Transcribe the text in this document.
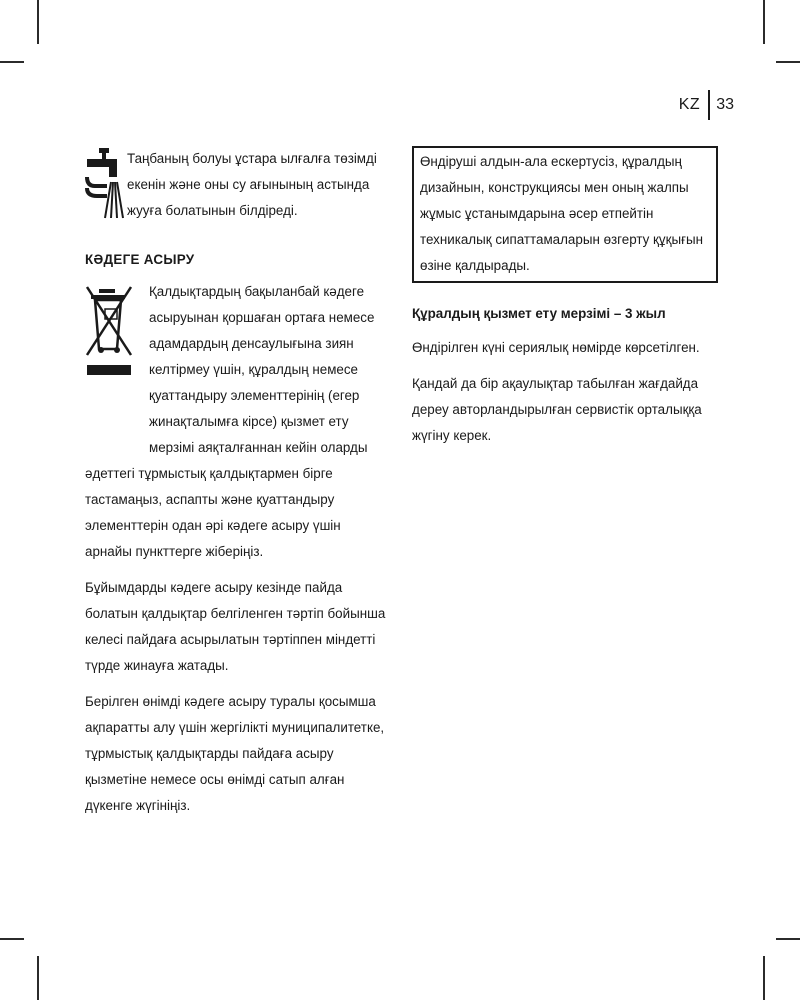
KZ	33

Таңбаның болуы ұстара ылғалға төзімді екенін және оны су ағынының астында жууға болатынын білдіреді.

КӘДЕГЕ АСЫРУ

Қалдықтардың бақыланбай кәдеге асыруынан қоршаған ортаға немесе адамдардың денсаулығына зиян келтірмеу үшін, құралдың немесе қуаттандыру элементтерінің (егер жинақталымға кірсе) қызмет ету мерзімі аяқталғаннан кейін оларды

әдеттегі тұрмыстық қалдықтармен бірге тастамаңыз, аспапты және қуаттандыру элементтерін одан әрі кәдеге асыру үшін арнайы пункттерге жіберіңіз.

Бұйымдарды кәдеге асыру кезінде пайда болатын қалдықтар белгіленген тәртіп бойынша келесі пайдаға асырылатын тәртіппен міндетті түрде жинауға жатады.

Берілген өнімді кәдеге асыру туралы қосымша ақпаратты алу үшін жергілікті муниципалитетке, тұрмыстық қалдықтарды пайдаға асыру қызметіне немесе осы өнімді сатып алған дүкенге жүгініңіз.

Өндіруші алдын-ала ескертусіз, құралдың дизайнын, конструкциясы мен оның жалпы жұмыс ұстанымдарына әсер етпейтін техникалық сипаттамаларын өзгерту құқығын өзіне қалдырады.
Құралдың қызмет ету мерзімі – 3 жыл

Өндірілген күні сериялық нөмірде көрсетілген.

Қандай да бір ақаулықтар табылған жағдайда дереу авторландырылған сервистік орталыққа жүгіну керек.
